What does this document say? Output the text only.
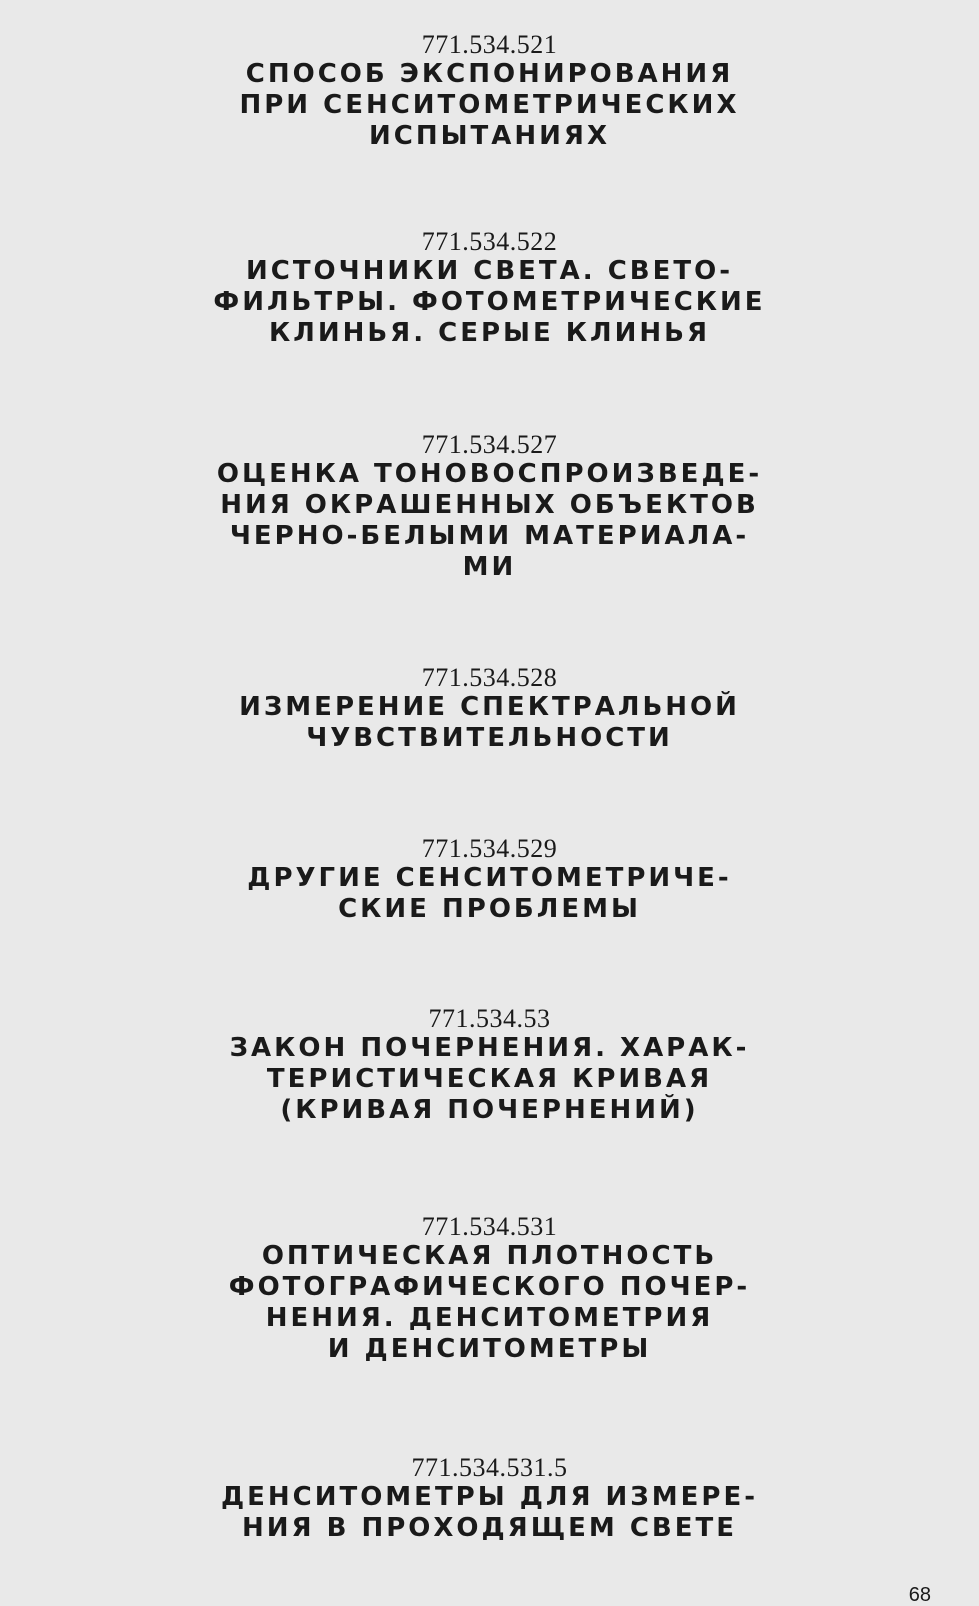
771.534.521
СПОСОБ ЭКСПОНИРОВАНИЯ
ПРИ СЕНСИТОМЕТРИЧЕСКИХ
ИСПЫТАНИЯХ
771.534.522
ИСТОЧНИКИ СВЕТА. СВЕТО-
ФИЛЬТРЫ. ФОТОМЕТРИЧЕСКИЕ
КЛИНЬЯ. СЕРЫЕ КЛИНЬЯ
771.534.527
ОЦЕНКА ТОНОВОСПРОИЗВЕДЕ-
НИЯ ОКРАШЕННЫХ ОБЪЕКТОВ
ЧЕРНО-БЕЛЫМИ МАТЕРИАЛА-
МИ
771.534.528
ИЗМЕРЕНИЕ СПЕКТРАЛЬНОЙ
ЧУВСТВИТЕЛЬНОСТИ
771.534.529
ДРУГИЕ СЕНСИТОМЕТРИЧЕ-
СКИЕ ПРОБЛЕМЫ
771.534.53
ЗАКОН ПОЧЕРНЕНИЯ. ХАРАК-
ТЕРИСТИЧЕСКАЯ КРИВАЯ
(КРИВАЯ ПОЧЕРНЕНИЙ)
771.534.531
ОПТИЧЕСКАЯ ПЛОТНОСТЬ
ФОТОГРАФИЧЕСКОГО ПОЧЕР-
НЕНИЯ. ДЕНСИТОМЕТРИЯ
И ДЕНСИТОМЕТРЫ
771.534.531.5
ДЕНСИТОМЕТРЫ ДЛЯ ИЗМЕРЕ-
НИЯ В ПРОХОДЯЩЕМ СВЕТЕ
68
